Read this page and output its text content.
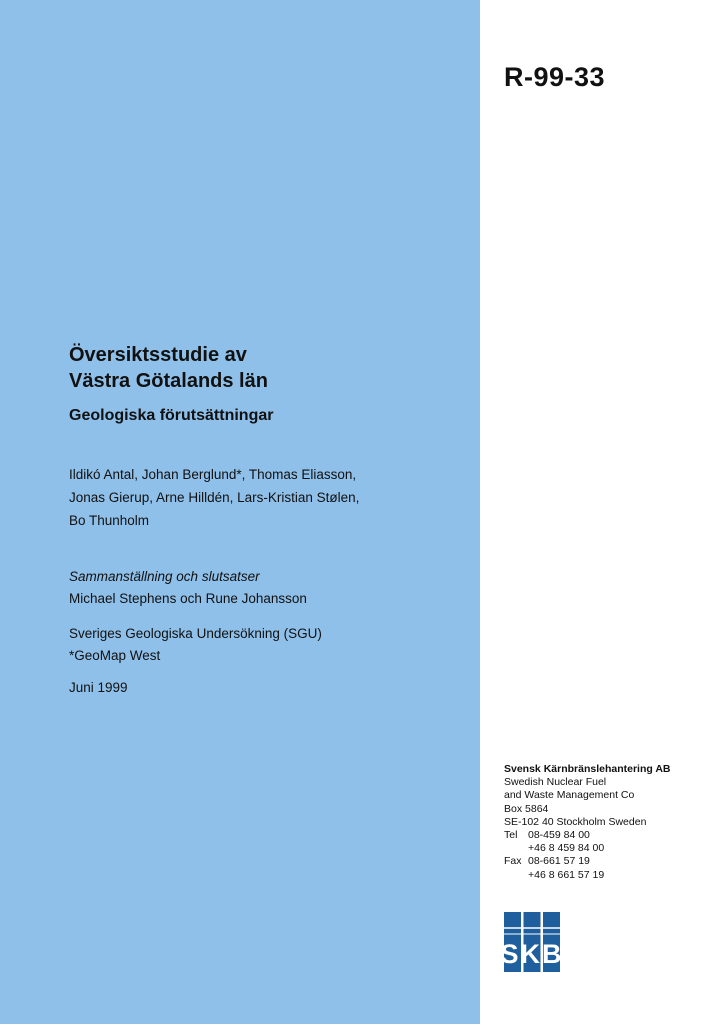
R-99-33
Översiktsstudie av
Västra Götalands län
Geologiska förutsättningar
Ildikó Antal, Johan Berglund*, Thomas Eliasson,
Jonas Gierup, Arne Hilldén, Lars-Kristian Stølen,
Bo Thunholm
Sammanställning och slutsatser
Michael Stephens och Rune Johansson
Sveriges Geologiska Undersökning (SGU)
*GeoMap West
Juni 1999
Svensk Kärnbränslehantering AB
Swedish Nuclear Fuel
and Waste Management Co
Box 5864
SE-102 40 Stockholm Sweden
Tel	08-459 84 00
+46 8 459 84 00
Fax 08-661 57 19
+46 8 661 57 19
SKB
